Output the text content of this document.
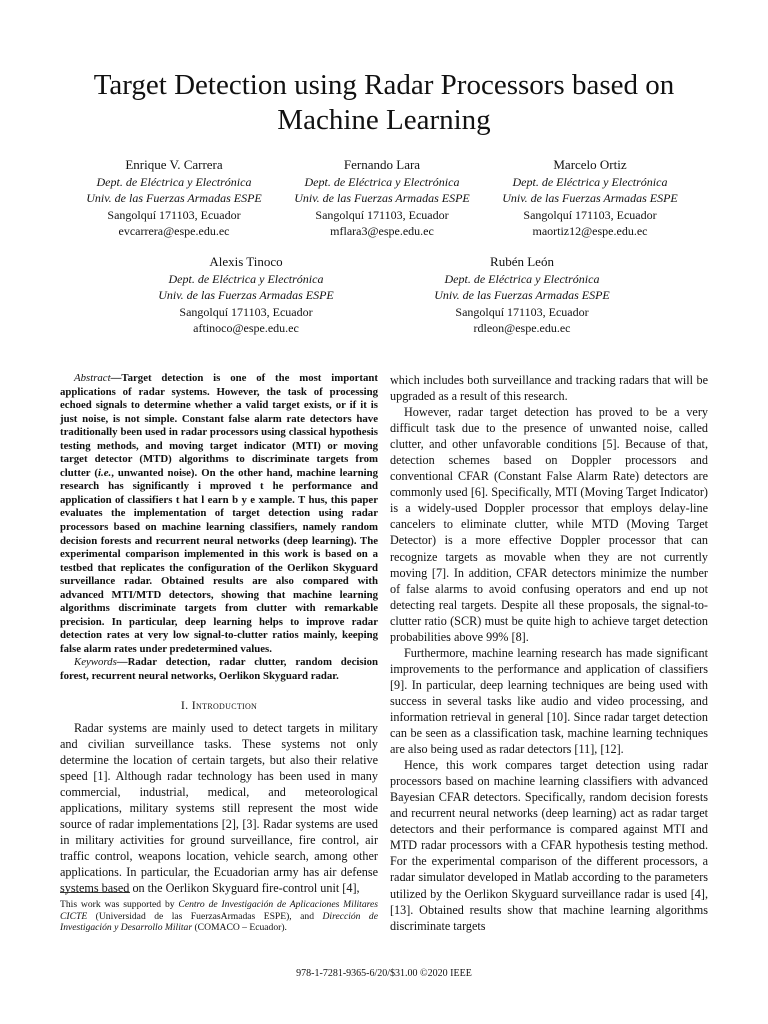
Target Detection using Radar Processors based on Machine Learning
Enrique V. Carrera
Dept. de Eléctrica y Electrónica
Univ. de las Fuerzas Armadas ESPE
Sangolquí 171103, Ecuador
evcarrera@espe.edu.ec
Fernando Lara
Dept. de Eléctrica y Electrónica
Univ. de las Fuerzas Armadas ESPE
Sangolquí 171103, Ecuador
mflara3@espe.edu.ec
Marcelo Ortiz
Dept. de Eléctrica y Electrónica
Univ. de las Fuerzas Armadas ESPE
Sangolquí 171103, Ecuador
maortiz12@espe.edu.ec
Alexis Tinoco
Dept. de Eléctrica y Electrónica
Univ. de las Fuerzas Armadas ESPE
Sangolquí 171103, Ecuador
aftinoco@espe.edu.ec
Rubén León
Dept. de Eléctrica y Electrónica
Univ. de las Fuerzas Armadas ESPE
Sangolquí 171103, Ecuador
rdleon@espe.edu.ec

Abstract—Target detection is one of the most important applications of radar systems. However, the task of processing echoed signals to determine whether a valid target exists, or if it is just noise, is not simple. Constant false alarm rate detectors have traditionally been used in radar processors using classical hypothesis testing methods, and moving target indicator (MTI) or moving target detector (MTD) algorithms to discriminate targets from clutter (i.e., unwanted noise). On the other hand, machine learning research has significantly i mproved t he performance and application of classifiers t hat l earn b y e xample. T hus, this paper evaluates the implementation of target detection using radar processors based on machine learning classifiers, namely random decision forests and recurrent neural networks (deep learning). The experimental comparison implemented in this work is based on a testbed that replicates the configuration of the Oerlikon Skyguard surveillance radar. Obtained results are also compared with advanced MTI/MTD detectors, showing that machine learning algorithms discriminate targets from clutter with remarkable precision. In particular, deep learning helps to improve radar detection rates at very low signal-to-clutter ratios mainly, keeping false alarm rates under predetermined values.

Keywords—Radar detection, radar clutter, random decision forest, recurrent neural networks, Oerlikon Skyguard radar.

I. Introduction

Radar systems are mainly used to detect targets in military and civilian surveillance tasks. These systems not only determine the location of certain targets, but also their relative speed [1]. Although radar technology has been used in many commercial, industrial, medical, and meteorological applications, military systems still represent the most wide source of radar implementations [2], [3]. Radar systems are used in military activities for ground surveillance, fire control, air traffic control, weapons location, vehicle search, among other applications. In particular, the Ecuadorian army has air defense systems based on the Oerlikon Skyguard fire-control unit [4],

This work was supported by Centro de Investigación de Aplicaciones Militares CICTE (Universidad de las FuerzasArmadas ESPE), and Dirección de Investigación y Desarrollo Militar (COMACO – Ecuador).

which includes both surveillance and tracking radars that will be upgraded as a result of this research.

However, radar target detection has proved to be a very difficult task due to the presence of unwanted noise, called clutter, and other unfavorable conditions [5]. Because of that, detection schemes based on Doppler processors and conventional CFAR (Constant False Alarm Rate) detectors are commonly used [6]. Specifically, MTI (Moving Target Indicator) is a widely-used Doppler processor that employs delay-line cancelers to eliminate clutter, while MTD (Moving Target Detector) is a more effective Doppler processor that can recognize targets as movable when they are not currently moving [7]. In addition, CFAR detectors minimize the number of false alarms to avoid confusing operators and end up not detecting real targets. Despite all these proposals, the signal-to-clutter ratio (SCR) must be quite high to achieve target detection probabilities above 99% [8].

Furthermore, machine learning research has made significant improvements to the performance and application of classifiers [9]. In particular, deep learning techniques are being used with success in several tasks like audio and video processing, and information retrieval in general [10]. Since radar target detection can be seen as a classification task, machine learning techniques are also being used as radar detectors [11], [12].

Hence, this work compares target detection using radar processors based on machine learning classifiers with advanced Bayesian CFAR detectors. Specifically, random decision forests and recurrent neural networks (deep learning) act as radar target detectors and their performance is compared against MTI and MTD radar processors with a CFAR hypothesis testing method. For the experimental comparison of the different processors, a radar simulator developed in Matlab according to the parameters utilized by the Oerlikon Skyguard surveillance radar is used [4], [13]. Obtained results show that machine learning algorithms discriminate targets

978-1-7281-9365-6/20/$31.00 ©2020 IEEE
